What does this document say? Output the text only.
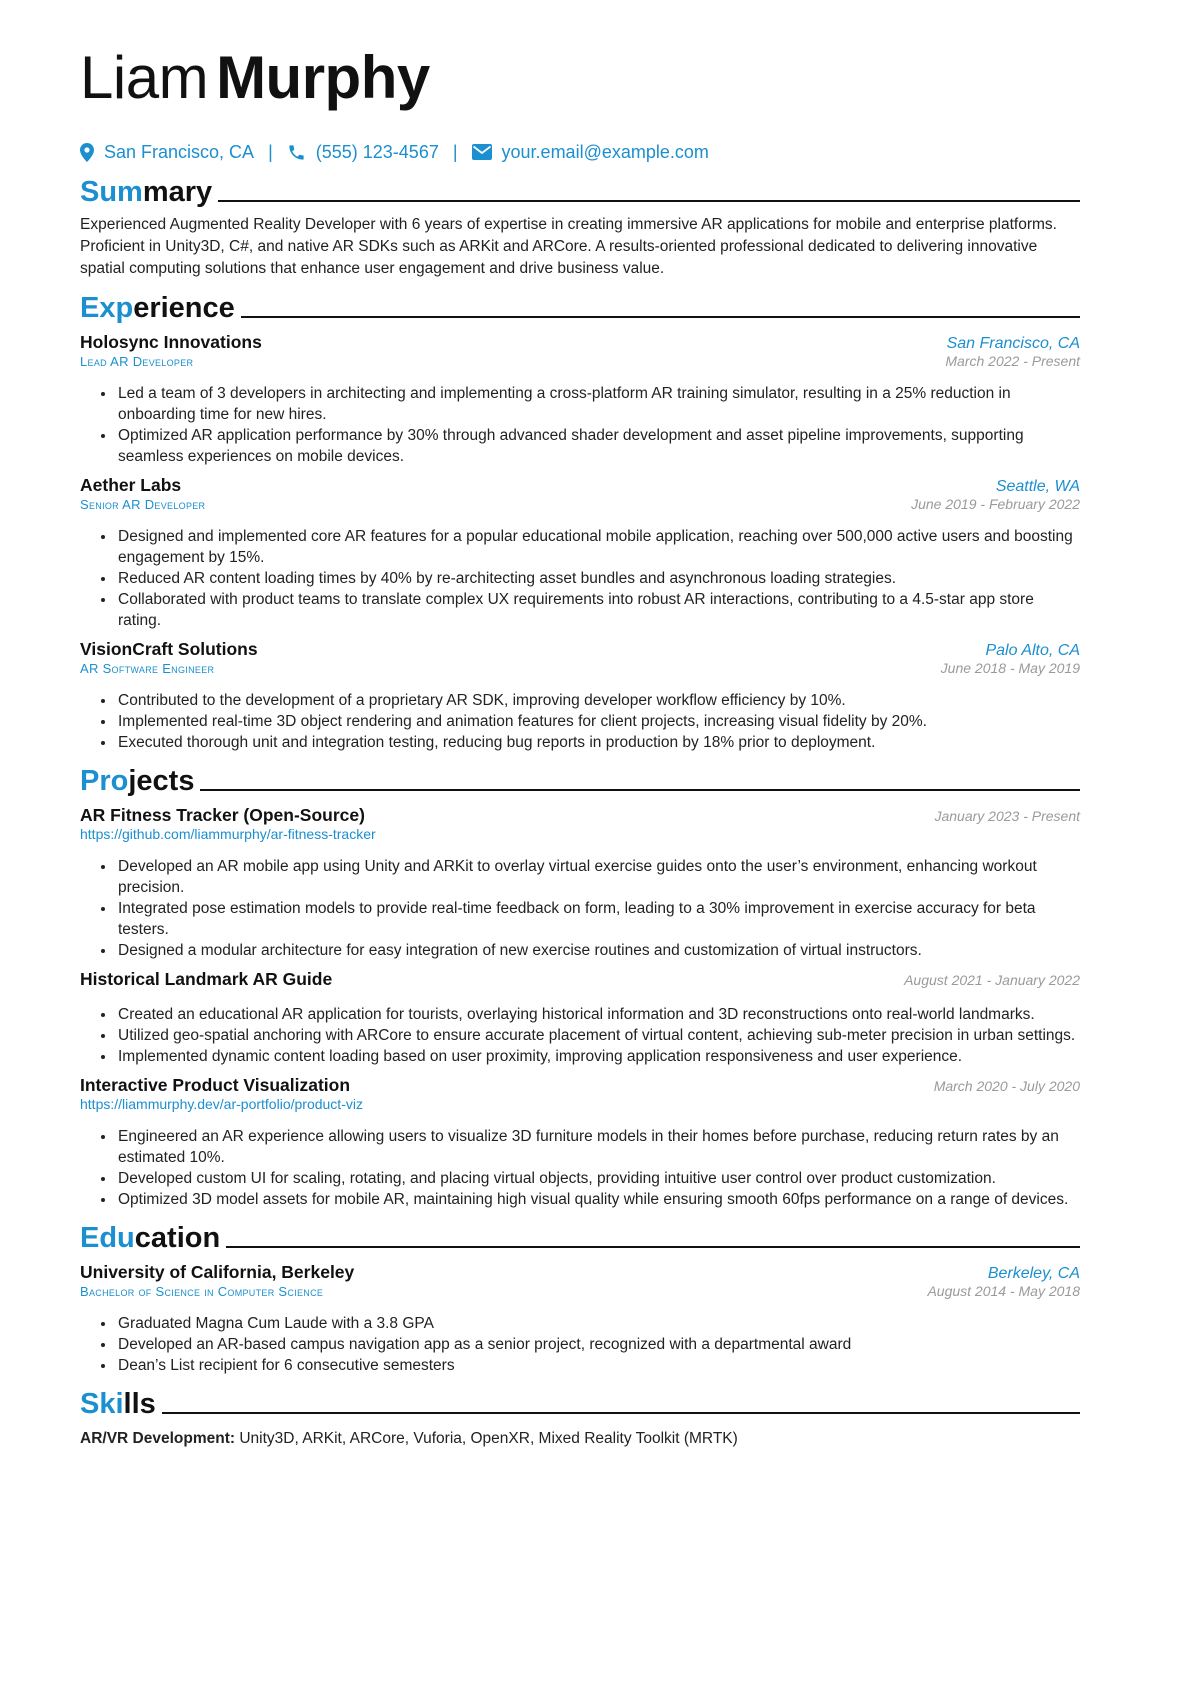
Liam Murphy
San Francisco, CA | (555) 123-4567 | your.email@example.com
Summary

Experienced Augmented Reality Developer with 6 years of expertise in creating immersive AR applications for mobile and enterprise platforms. Proficient in Unity3D, C#, and native AR SDKs such as ARKit and ARCore. A results-oriented professional dedicated to delivering innovative spatial computing solutions that enhance user engagement and drive business value.

Experience
Holosync Innovations	San Francisco, CA
Lead AR Developer	March 2022 - Present
• Led a team of 3 developers in architecting and implementing a cross-platform AR training simulator, resulting in a 25% reduction in onboarding time for new hires.
• Optimized AR application performance by 30% through advanced shader development and asset pipeline improvements, supporting seamless experiences on mobile devices.
Aether Labs	Seattle, WA
Senior AR Developer	June 2019 - February 2022
• Designed and implemented core AR features for a popular educational mobile application, reaching over 500,000 active users and boosting engagement by 15%.
• Reduced AR content loading times by 40% by re-architecting asset bundles and asynchronous loading strategies.
• Collaborated with product teams to translate complex UX requirements into robust AR interactions, contributing to a 4.5-star app store rating.
VisionCraft Solutions	Palo Alto, CA
AR Software Engineer	June 2018 - May 2019
• Contributed to the development of a proprietary AR SDK, improving developer workflow efficiency by 10%.
• Implemented real-time 3D object rendering and animation features for client projects, increasing visual fidelity by 20%.
• Executed thorough unit and integration testing, reducing bug reports in production by 18% prior to deployment.
Projects
AR Fitness Tracker (Open-Source)	January 2023 - Present
https://github.com/liammurphy/ar-fitness-tracker
• Developed an AR mobile app using Unity and ARKit to overlay virtual exercise guides onto the user’s environment, enhancing workout precision.
• Integrated pose estimation models to provide real-time feedback on form, leading to a 30% improvement in exercise accuracy for beta testers.
• Designed a modular architecture for easy integration of new exercise routines and customization of virtual instructors.
Historical Landmark AR Guide	August 2021 - January 2022
• Created an educational AR application for tourists, overlaying historical information and 3D reconstructions onto real-world landmarks.
• Utilized geo-spatial anchoring with ARCore to ensure accurate placement of virtual content, achieving sub-meter precision in urban settings.
• Implemented dynamic content loading based on user proximity, improving application responsiveness and user experience.
Interactive Product Visualization	March 2020 - July 2020
https://liammurphy.dev/ar-portfolio/product-viz
• Engineered an AR experience allowing users to visualize 3D furniture models in their homes before purchase, reducing return rates by an estimated 10%.
• Developed custom UI for scaling, rotating, and placing virtual objects, providing intuitive user control over product customization.
• Optimized 3D model assets for mobile AR, maintaining high visual quality while ensuring smooth 60fps performance on a range of devices.
Education
University of California, Berkeley	Berkeley, CA
Bachelor of Science in Computer Science	August 2014 - May 2018
• Graduated Magna Cum Laude with a 3.8 GPA
• Developed an AR-based campus navigation app as a senior project, recognized with a departmental award
• Dean’s List recipient for 6 consecutive semesters
Skills
AR/VR Development: Unity3D, ARKit, ARCore, Vuforia, OpenXR, Mixed Reality Toolkit (MRTK)
